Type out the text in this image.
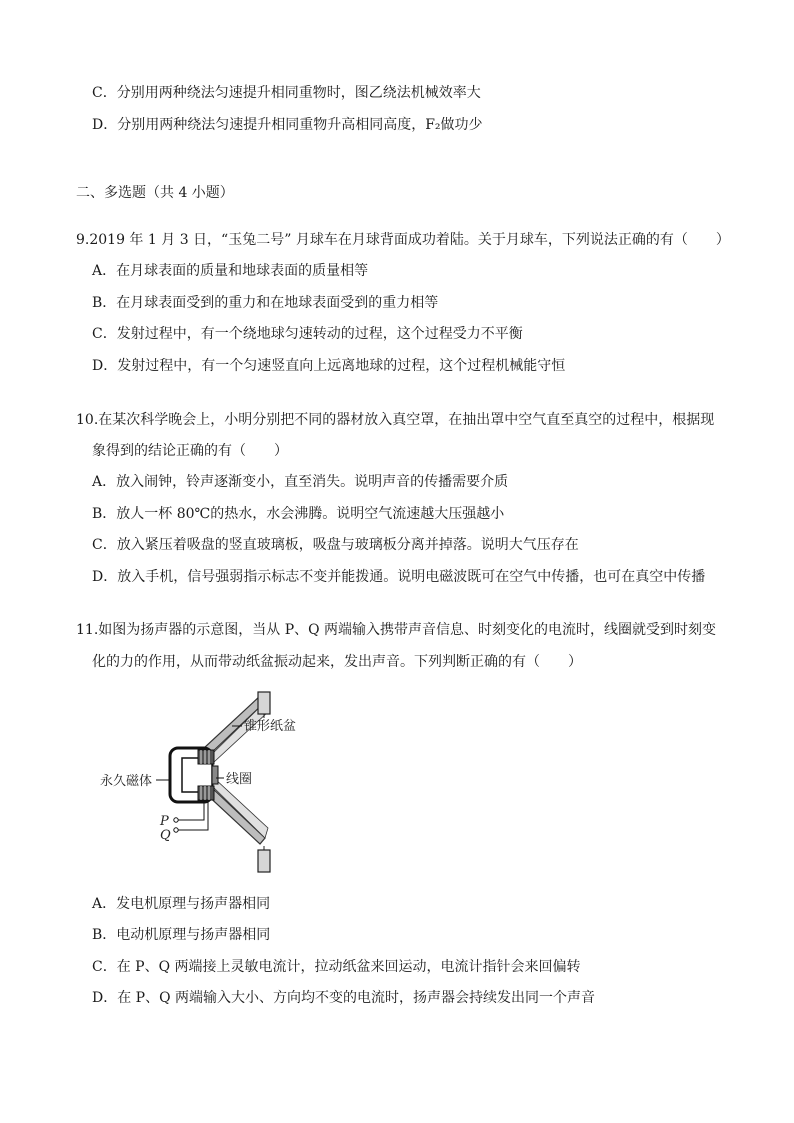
C．分别用两种绕法匀速提升相同重物时，图乙绕法机械效率大
D．分别用两种绕法匀速提升相同重物升高相同高度，F₂做功少
二、多选题（共 4 小题）
9.2019 年 1 月 3 日，“玉兔二号” 月球车在月球背面成功着陆。关于月球车，下列说法正确的有（　　）
A．在月球表面的质量和地球表面的质量相等
B．在月球表面受到的重力和在地球表面受到的重力相等
C．发射过程中，有一个绕地球匀速转动的过程，这个过程受力不平衡
D．发射过程中，有一个匀速竖直向上远离地球的过程，这个过程机械能守恒
10.在某次科学晚会上，小明分别把不同的器材放入真空罩，在抽出罩中空气直至真空的过程中，根据现
象得到的结论正确的有（　　）
A．放入闹钟，铃声逐渐变小，直至消失。说明声音的传播需要介质
B．放人一杯 80℃的热水，水会沸腾。说明空气流速越大压强越小
C．放入紧压着吸盘的竖直玻璃板，吸盘与玻璃板分离并掉落。说明大气压存在
D．放入手机，信号强弱指示标志不变并能拨通。说明电磁波既可在空气中传播，也可在真空中传播
11.如图为扬声器的示意图，当从 P、Q 两端输入携带声音信息、时刻变化的电流时，线圈就受到时刻变
化的力的作用，从而带动纸盆振动起来，发出声音。下列判断正确的有（　　）
锥形纸盆
线圈
永久磁体
P
Q
A．发电机原理与扬声器相同
B．电动机原理与扬声器相同
C．在 P、Q 两端接上灵敏电流计，拉动纸盆来回运动，电流计指针会来回偏转
D．在 P、Q 两端输入大小、方向均不变的电流时，扬声器会持续发出同一个声音
